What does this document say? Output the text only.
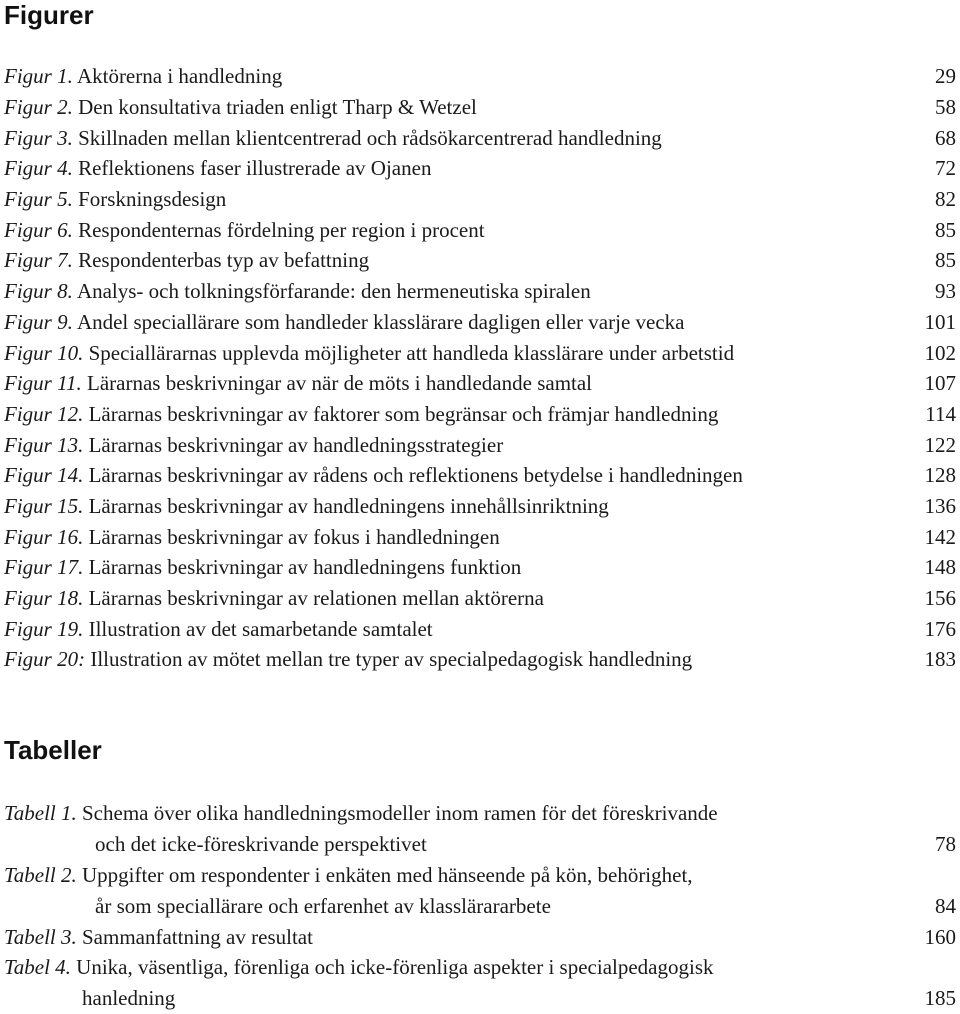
Figurer
Figur 1. Aktörerna i handledning	29
Figur 2. Den konsultativa triaden enligt Tharp & Wetzel	58
Figur 3. Skillnaden mellan klientcentrerad och rådsökarcentrerad handledning	68
Figur 4. Reflektionens faser illustrerade av Ojanen	72
Figur 5. Forskningsdesign	82
Figur 6. Respondenternas fördelning per region i procent	85
Figur 7. Respondenterbas typ av befattning	85
Figur 8. Analys- och tolkningsförfarande: den hermeneutiska spiralen	93
Figur 9. Andel speciallärare som handleder klasslärare dagligen eller varje vecka	101
Figur 10. Speciallärarnas upplevda möjligheter att handleda klasslärare under arbetstid	102
Figur 11. Lärarnas beskrivningar av när de möts i handledande samtal	107
Figur 12. Lärarnas beskrivningar av faktorer som begränsar och främjar handledning	114
Figur 13. Lärarnas beskrivningar av handledningsstrategier	122
Figur 14. Lärarnas beskrivningar av rådens och reflektionens betydelse i handledningen	128
Figur 15. Lärarnas beskrivningar av handledningens innehållsinriktning	136
Figur 16. Lärarnas beskrivningar av fokus i handledningen	142
Figur 17. Lärarnas beskrivningar av handledningens funktion	148
Figur 18. Lärarnas beskrivningar av relationen mellan aktörerna	156
Figur 19. Illustration av det samarbetande samtalet	176
Figur 20: Illustration av mötet mellan tre typer av specialpedagogisk handledning	183
Tabeller
Tabell 1. Schema över olika handledningsmodeller inom ramen för det föreskrivande
och det icke-föreskrivande perspektivet	78
Tabell 2. Uppgifter om respondenter i enkäten med hänseende på kön, behörighet,
år som speciallärare och erfarenhet av klasslärararbete	84
Tabell 3. Sammanfattning av resultat	160
Tabel 4. Unika, väsentliga, förenliga och icke-förenliga aspekter i specialpedagogisk
hanledning	185
